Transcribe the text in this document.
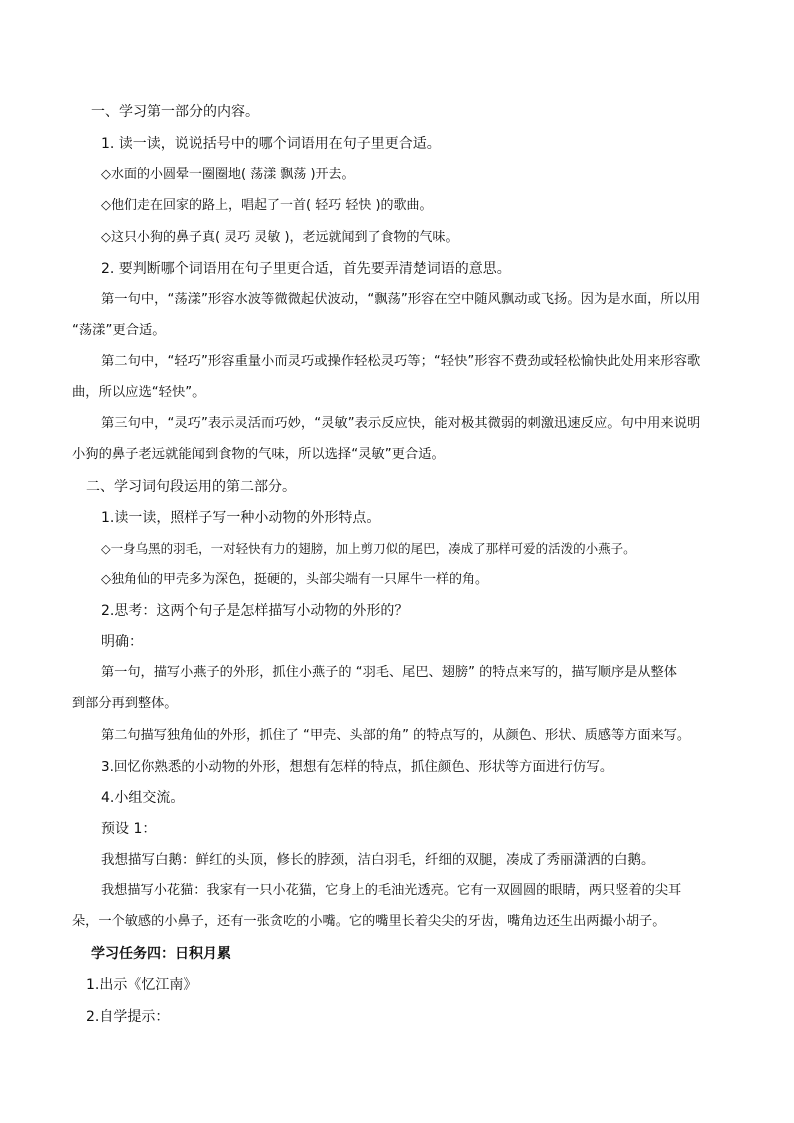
一、学习第一部分的内容。
1. 读一读，说说括号中的哪个词语用在句子里更合适。
◇水面的小圆晕一圈圈地( 荡漾 飘荡 )开去。
◇他们走在回家的路上，唱起了一首( 轻巧 轻快 )的歌曲。
◇这只小狗的鼻子真( 灵巧 灵敏 )，老远就闻到了食物的气味。
2. 要判断哪个词语用在句子里更合适，首先要弄清楚词语的意思。
第一句中，“荡漾”形容水波等微微起伏波动，“飘荡”形容在空中随风飘动或飞扬。因为是水面，所以用
“荡漾”更合适。
第二句中，“轻巧”形容重量小而灵巧或操作轻松灵巧等；“轻快”形容不费劲或轻松愉快此处用来形容歌
曲，所以应选“轻快”。
第三句中，“灵巧”表示灵活而巧妙，“灵敏”表示反应快，能对极其微弱的刺激迅速反应。句中用来说明
小狗的鼻子老远就能闻到食物的气味，所以选择“灵敏”更合适。
二、学习词句段运用的第二部分。
1.读一读，照样子写一种小动物的外形特点。
◇一身乌黑的羽毛，一对轻快有力的翅膀，加上剪刀似的尾巴，凑成了那样可爱的活泼的小燕子。
◇独角仙的甲壳多为深色，挺硬的，头部尖端有一只犀牛一样的角。
2.思考：这两个句子是怎样描写小动物的外形的？
明确：
第一句，描写小燕子的外形，抓住小燕子的 “羽毛、尾巴、翅膀” 的特点来写的，描写顺序是从整体
到部分再到整体。
第二句描写独角仙的外形，抓住了 “甲壳、头部的角” 的特点写的，从颜色、形状、质感等方面来写。
3.回忆你熟悉的小动物的外形，想想有怎样的特点，抓住颜色、形状等方面进行仿写。
4.小组交流。
预设 1：
我想描写白鹅：鲜红的头顶，修长的脖颈，洁白羽毛，纤细的双腿，凑成了秀丽潇洒的白鹅。
我想描写小花猫：我家有一只小花猫，它身上的毛油光透亮。它有一双圆圆的眼睛，两只竖着的尖耳
朵，一个敏感的小鼻子，还有一张贪吃的小嘴。它的嘴里长着尖尖的牙齿，嘴角边还生出两撮小胡子。
学习任务四：日积月累
1.出示《忆江南》
2.自学提示：
